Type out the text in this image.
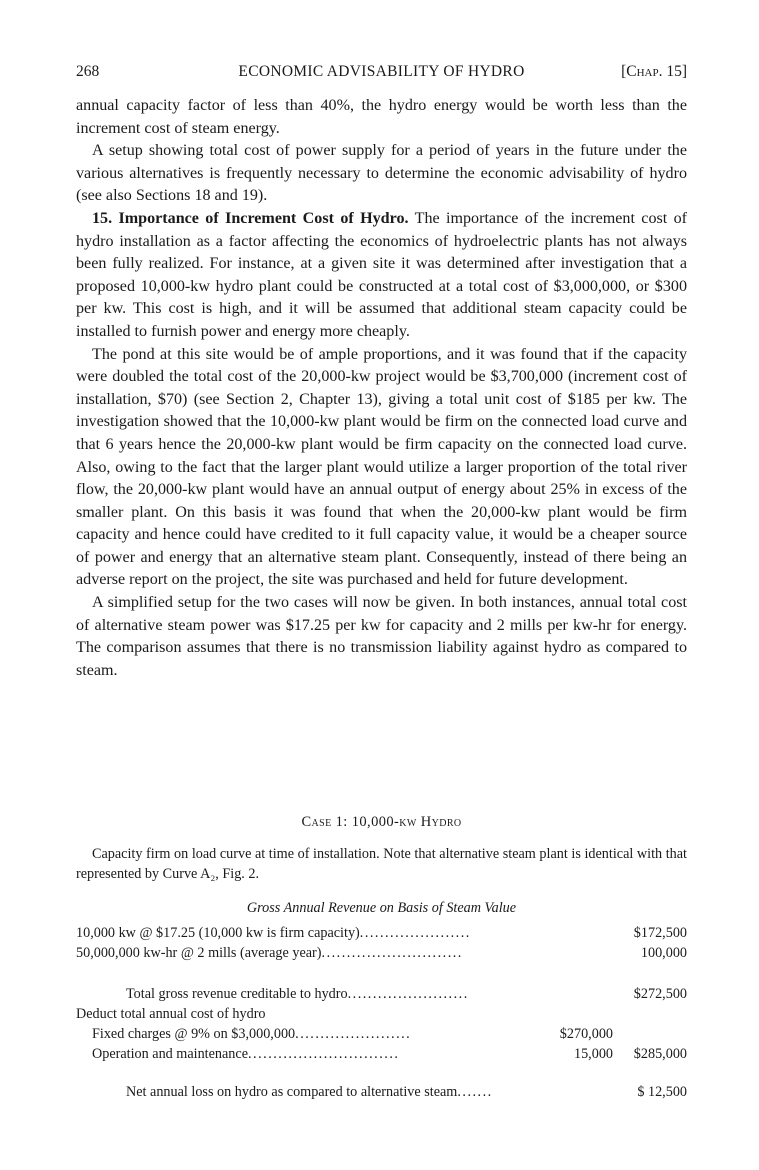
268	ECONOMIC ADVISABILITY OF HYDRO	[Chap. 15]

annual capacity factor of less than 40%, the hydro energy would be worth less than the increment cost of steam energy.

A setup showing total cost of power supply for a period of years in the future under the various alternatives is frequently necessary to determine the economic advisability of hydro (see also Sections 18 and 19).

15. Importance of Increment Cost of Hydro. The importance of the increment cost of hydro installation as a factor affecting the economics of hydroelectric plants has not always been fully realized. For instance, at a given site it was determined after investigation that a proposed 10,000-kw hydro plant could be constructed at a total cost of $3,000,000, or $300 per kw. This cost is high, and it will be assumed that additional steam capacity could be installed to furnish power and energy more cheaply.

The pond at this site would be of ample proportions, and it was found that if the capacity were doubled the total cost of the 20,000-kw project would be $3,700,000 (increment cost of installation, $70) (see Section 2, Chapter 13), giving a total unit cost of $185 per kw. The investigation showed that the 10,000-kw plant would be firm on the connected load curve and that 6 years hence the 20,000-kw plant would be firm capacity on the connected load curve. Also, owing to the fact that the larger plant would utilize a larger proportion of the total river flow, the 20,000-kw plant would have an annual output of energy about 25% in excess of the smaller plant. On this basis it was found that when the 20,000-kw plant would be firm capacity and hence could have credited to it full capacity value, it would be a cheaper source of power and energy that an alternative steam plant. Consequently, instead of there being an adverse report on the project, the site was purchased and held for future development.

A simplified setup for the two cases will now be given. In both instances, annual total cost of alternative steam power was $17.25 per kw for capacity and 2 mills per kw-hr for energy. The comparison assumes that there is no transmission liability against hydro as compared to steam.

Case 1: 10,000-kw Hydro
Capacity firm on load curve at time of installation. Note that alternative steam plant is identical with that represented by Curve A₂, Fig. 2.
Gross Annual Revenue on Basis of Steam Value
10,000 kw @ $17.25 (10,000 kw is firm capacity)......................	$172,500
50,000,000 kw-hr @ 2 mills (average year)............................	100,000
Total gross revenue creditable to hydro........................	$272,500
Deduct total annual cost of hydro
Fixed charges @ 9% on $3,000,000.......................	$270,000
Operation and maintenance..............................	15,000	$285,000
Net annual loss on hydro as compared to alternative steam.......	$ 12,500
